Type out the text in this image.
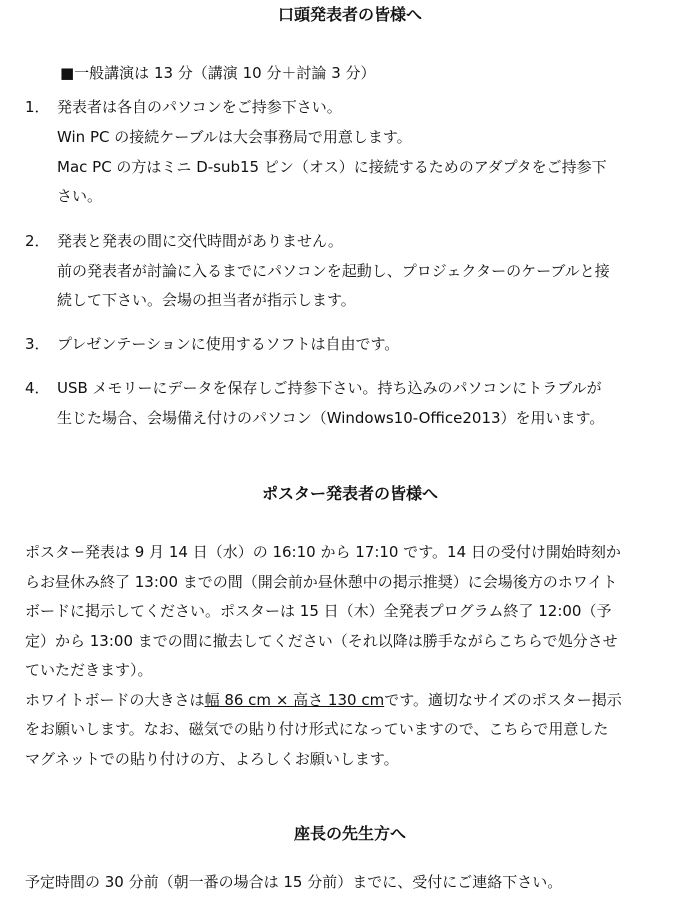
口頭発表者の皆様へ
■一般講演は 13 分（講演 10 分＋討論 3 分）
1． 発表者は各自のパソコンをご持参下さい。
Win PC の接続ケーブルは大会事務局で用意します。
Mac PC の方はミニ D-sub15 ピン（オス）に接続するためのアダプタをご持参下
さい。
2． 発表と発表の間に交代時間がありません。
前の発表者が討論に入るまでにパソコンを起動し、プロジェクターのケーブルと接
続して下さい。会場の担当者が指示します。
3． プレゼンテーションに使用するソフトは自由です。
4． USB メモリーにデータを保存しご持参下さい。持ち込みのパソコンにトラブルが
生じた場合、会場備え付けのパソコン（Windows10-Office2013）を用います。
ポスター発表者の皆様へ
ポスター発表は 9 月 14 日（水）の 16:10 から 17:10 です。14 日の受付け開始時刻か
らお昼休み終了 13:00 までの間（開会前か昼休憩中の掲示推奨）に会場後方のホワイト
ボードに掲示してください。ポスターは 15 日（木）全発表プログラム終了 12:00（予
定）から 13:00 までの間に撤去してください（それ以降は勝手ながらこちらで処分させ
ていただきます）。
ホワイトボードの大きさは幅 86 cm × 高さ 130 cmです。適切なサイズのポスター掲示
をお願いします。なお、磁気での貼り付け形式になっていますので、こちらで用意した
マグネットでの貼り付けの方、よろしくお願いします。
座長の先生方へ
予定時間の 30 分前（朝一番の場合は 15 分前）までに、受付にご連絡下さい。
